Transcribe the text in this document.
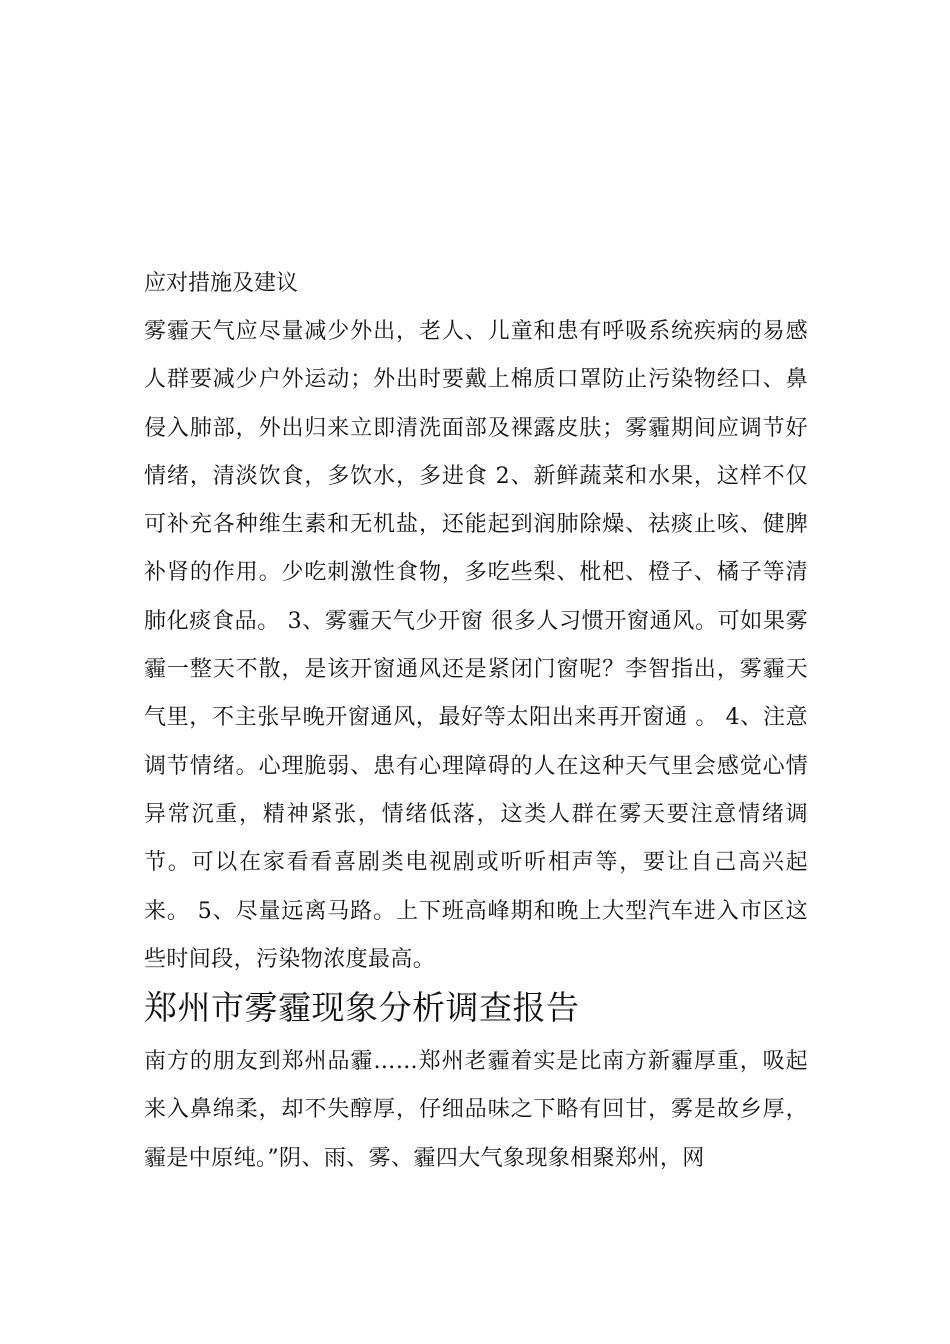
应对措施及建议

雾霾天气应尽量减少外出，老人、儿童和患有呼吸系统疾病的易感人群要减少户外运动；外出时要戴上棉质口罩防止污染物经口、鼻侵入肺部，外出归来立即清洗面部及裸露皮肤；雾霾期间应调节好情绪，清淡饮食，多饮水，多进食 2、新鲜蔬菜和水果，这样不仅可补充各种维生素和无机盐，还能起到润肺除燥、祛痰止咳、健脾补肾的作用。少吃刺激性食物，多吃些梨、枇杷、橙子、橘子等清肺化痰食品。 3、雾霾天气少开窗 很多人习惯开窗通风。可如果雾霾一整天不散，是该开窗通风还是紧闭门窗呢？李智指出，雾霾天气里，不主张早晚开窗通风，最好等太阳出来再开窗通 。 4、注意调节情绪。心理脆弱、患有心理障碍的人在这种天气里会感觉心情异常沉重，精神紧张，情绪低落，这类人群在雾天要注意情绪调节。可以在家看看喜剧类电视剧或听听相声等，要让自己高兴起来。 5、尽量远离马路。上下班高峰期和晚上大型汽车进入市区这些时间段，污染物浓度最高。

郑州市雾霾现象分析调查报告

南方的朋友到郑州品霾……郑州老霾着实是比南方新霾厚重，吸起来入鼻绵柔，却不失醇厚，仔细品味之下略有回甘，雾是故乡厚，霾是中原纯。”阴、雨、雾、霾四大气象现象相聚郑州，网
